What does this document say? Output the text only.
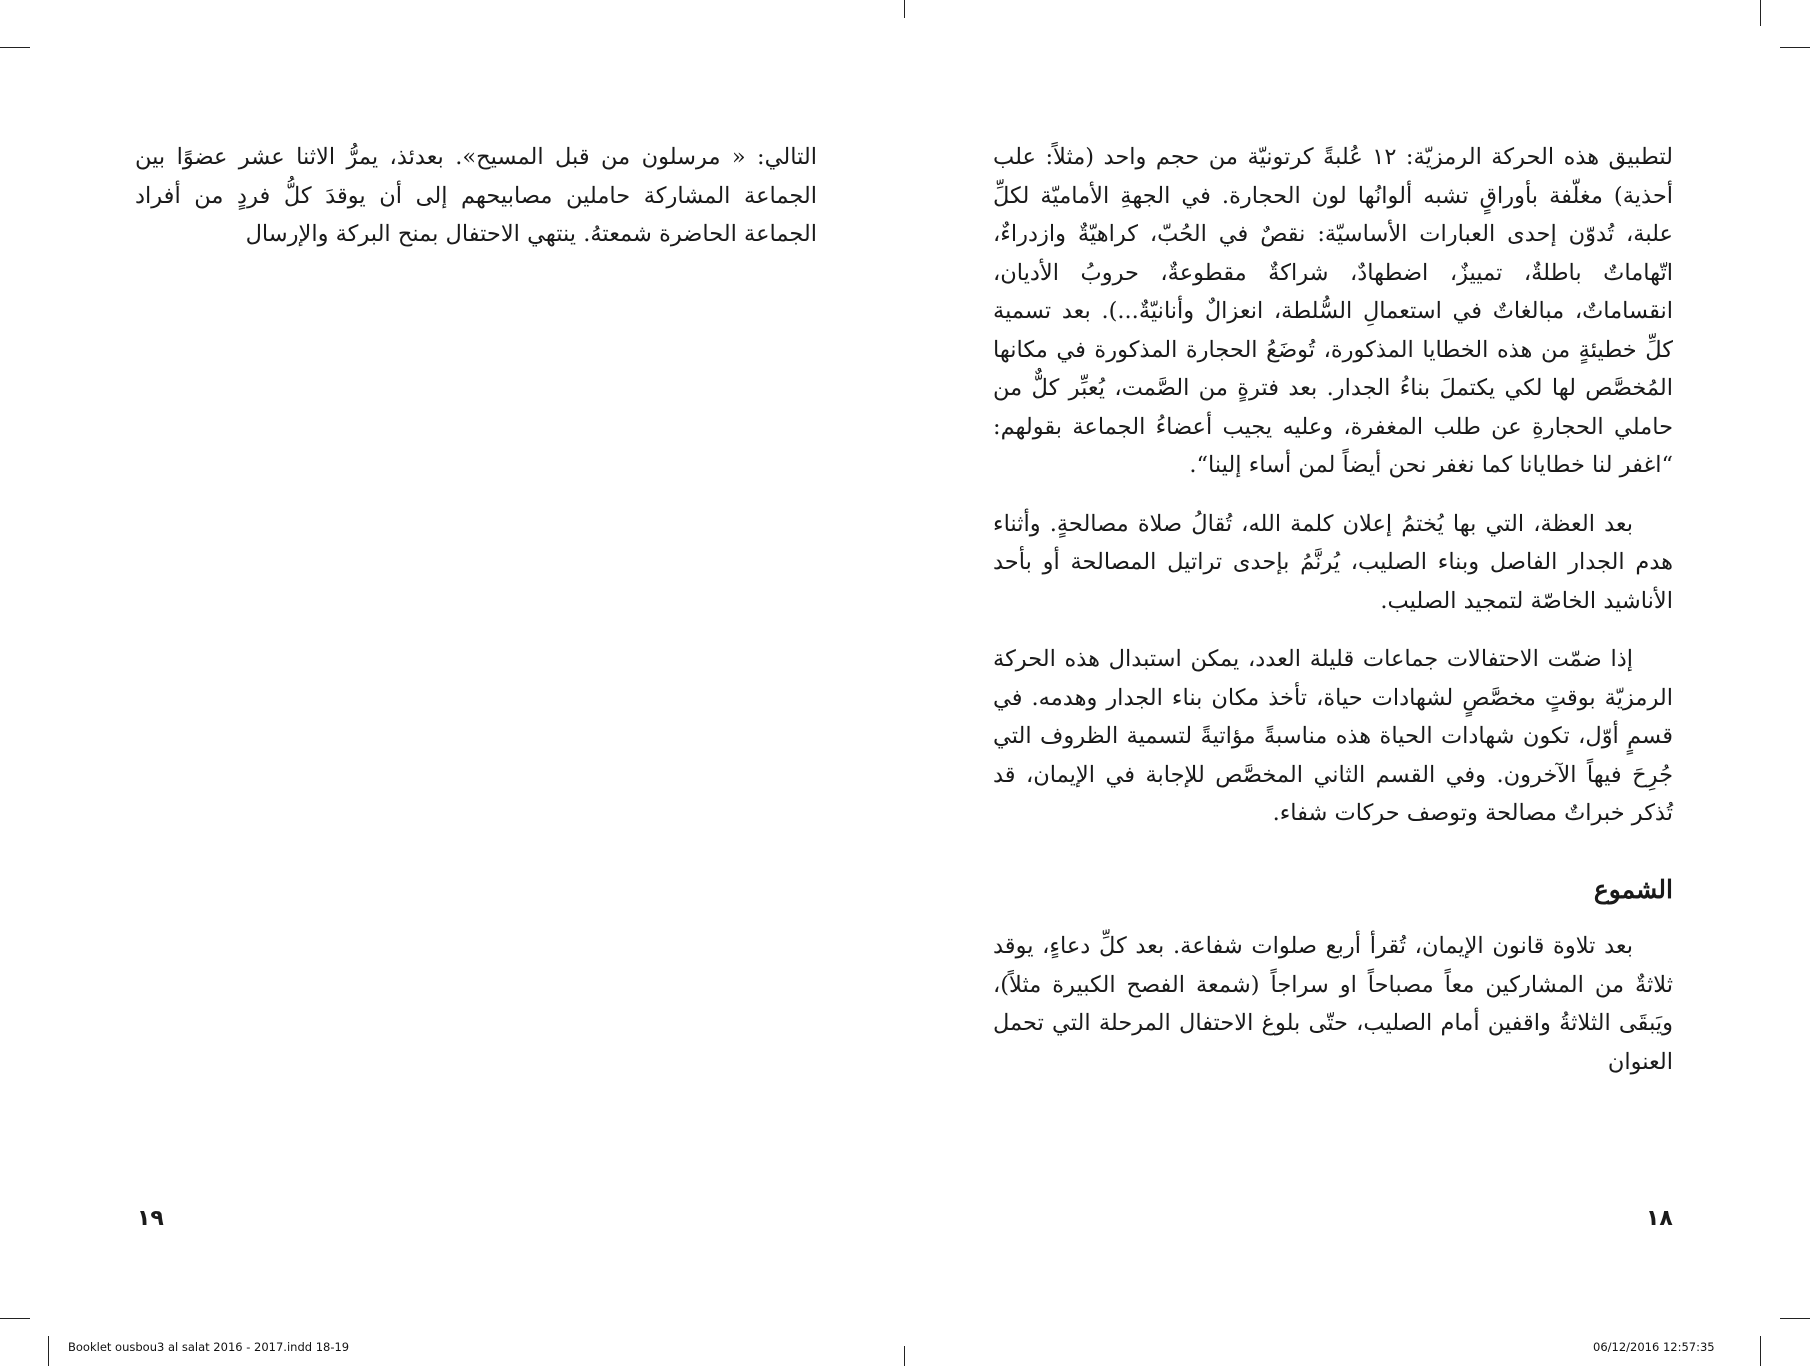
لتطبيق هذه الحركة الرمزيّة: ١٢ عُلبةً كرتونيّة من حجم واحد (مثلاً: علب أحذية) مغلّفة بأوراقٍ تشبه ألوانُها لون الحجارة. في الجهةِ الأماميّة لكلِّ علبة، تُدوّن إحدى العبارات الأساسيّة: نقصٌ في الحُبّ، كراهيّةٌ وازدراءٌ، اتّهاماتٌ باطلةٌ، تمييزٌ، اضطهادٌ، شراكةٌ مقطوعةٌ، حروبُ الأديان، انقساماتٌ، مبالغاتٌ في استعمالِ السُّلطة، انعزالٌ وأنانيّةٌ...). بعد تسمية كلِّ خطيئةٍ من هذه الخطايا المذكورة، تُوضَعُ الحجارة المذكورة في مكانها المُخصَّص لها لكي يكتملَ بناءُ الجدار. بعد فترةٍ من الصَّمت، يُعبِّر كلٌّ من حاملي الحجارةِ عن طلب المغفرة، وعليه يجيب أعضاءُ الجماعة بقولهم: “اغفر لنا خطايانا كما نغفر نحن أيضاً لمن أساء إلينا“.

بعد العظة، التي بها يُختمُ إعلان كلمة الله، تُقالُ صلاة مصالحةٍ. وأثناء هدم الجدار الفاصل وبناء الصليب، يُرنَّمُ بإحدى تراتيل المصالحة أو بأحد الأناشيد الخاصّة لتمجيد الصليب.

إذا ضمّت الاحتفالات جماعات قليلة العدد، يمكن استبدال هذه الحركة الرمزيّة بوقتٍ مخصَّصٍ لشهادات حياة، تأخذ مكان بناء الجدار وهدمه. في قسمٍ أوّل، تكون شهادات الحياة هذه مناسبةً مؤاتيةً لتسمية الظروف التي جُرِحَ فيهاً الآخرون. وفي القسم الثاني المخصَّص للإجابة في الإيمان، قد تُذكر خبراتٌ مصالحة وتوصف حركات شفاء.

الشموع

بعد تلاوة قانون الإيمان، تُقرأ أربع صلوات شفاعة. بعد كلِّ دعاءٍ، يوقد ثلاثةٌ من المشاركين معاً مصباحاً او سراجاً (شمعة الفصح الكبيرة مثلاً)، ويَبقَى الثلاثةُ واقفين أمام الصليب، حتّى بلوغ الاحتفال المرحلة التي تحمل العنوان

١٨

التالي: « مرسلون من قبل المسيح». بعدئذ، يمرُّ الاثنا عشر عضوًا بين الجماعة المشاركة حاملين مصابيحهم إلى أن يوقدَ كلُّ فردٍ من أفراد الجماعة الحاضرة شمعتهُ. ينتهي الاحتفال بمنح البركة والإرسال

١٩
Booklet ousbou3 al salat 2016 - 2017.indd 18-19	06/12/2016 12:57:35
